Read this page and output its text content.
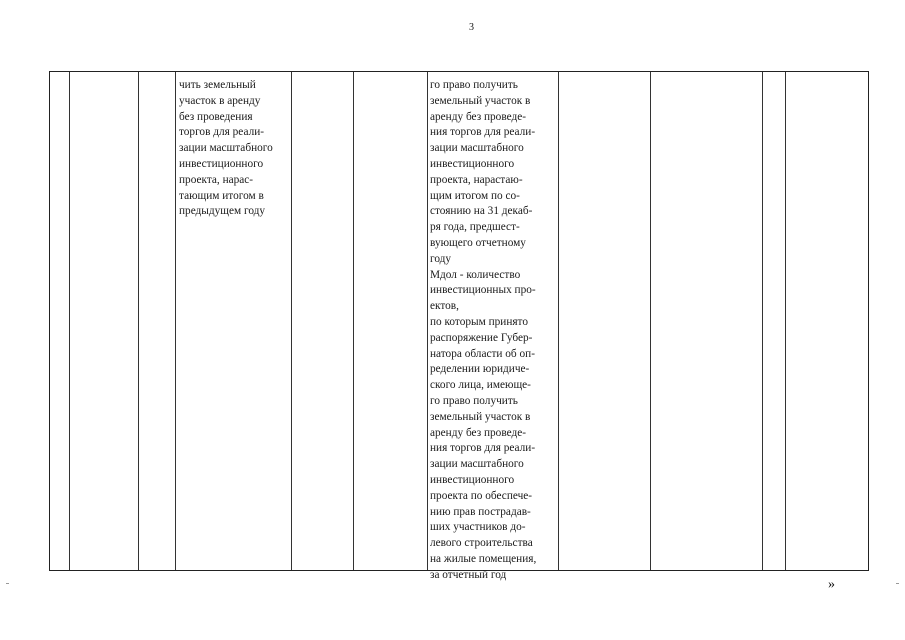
3
чить земельный
участок в аренду
без проведения
торгов для реали-
зации масштабного
инвестиционного
проекта, нарас-
тающим итогом в
предыдущем году
го право получить
земельный участок в
аренду без проведе-
ния торгов для реали-
зации масштабного
инвестиционного
проекта, нарастаю-
щим итогом по со-
стоянию на 31 декаб-
ря года, предшест-
вующего отчетному
году
Мдол - количество
инвестиционных про-
ектов,
по которым принято
распоряжение Губер-
натора области об оп-
ределении юридиче-
ского лица, имеюще-
го право получить
земельный участок в
аренду без проведе-
ния торгов для реали-
зации масштабного
инвестиционного
проекта по обеспече-
нию прав пострадав-
ших участников до-
левого строительства
на жилые помещения,
за отчетный год
»
